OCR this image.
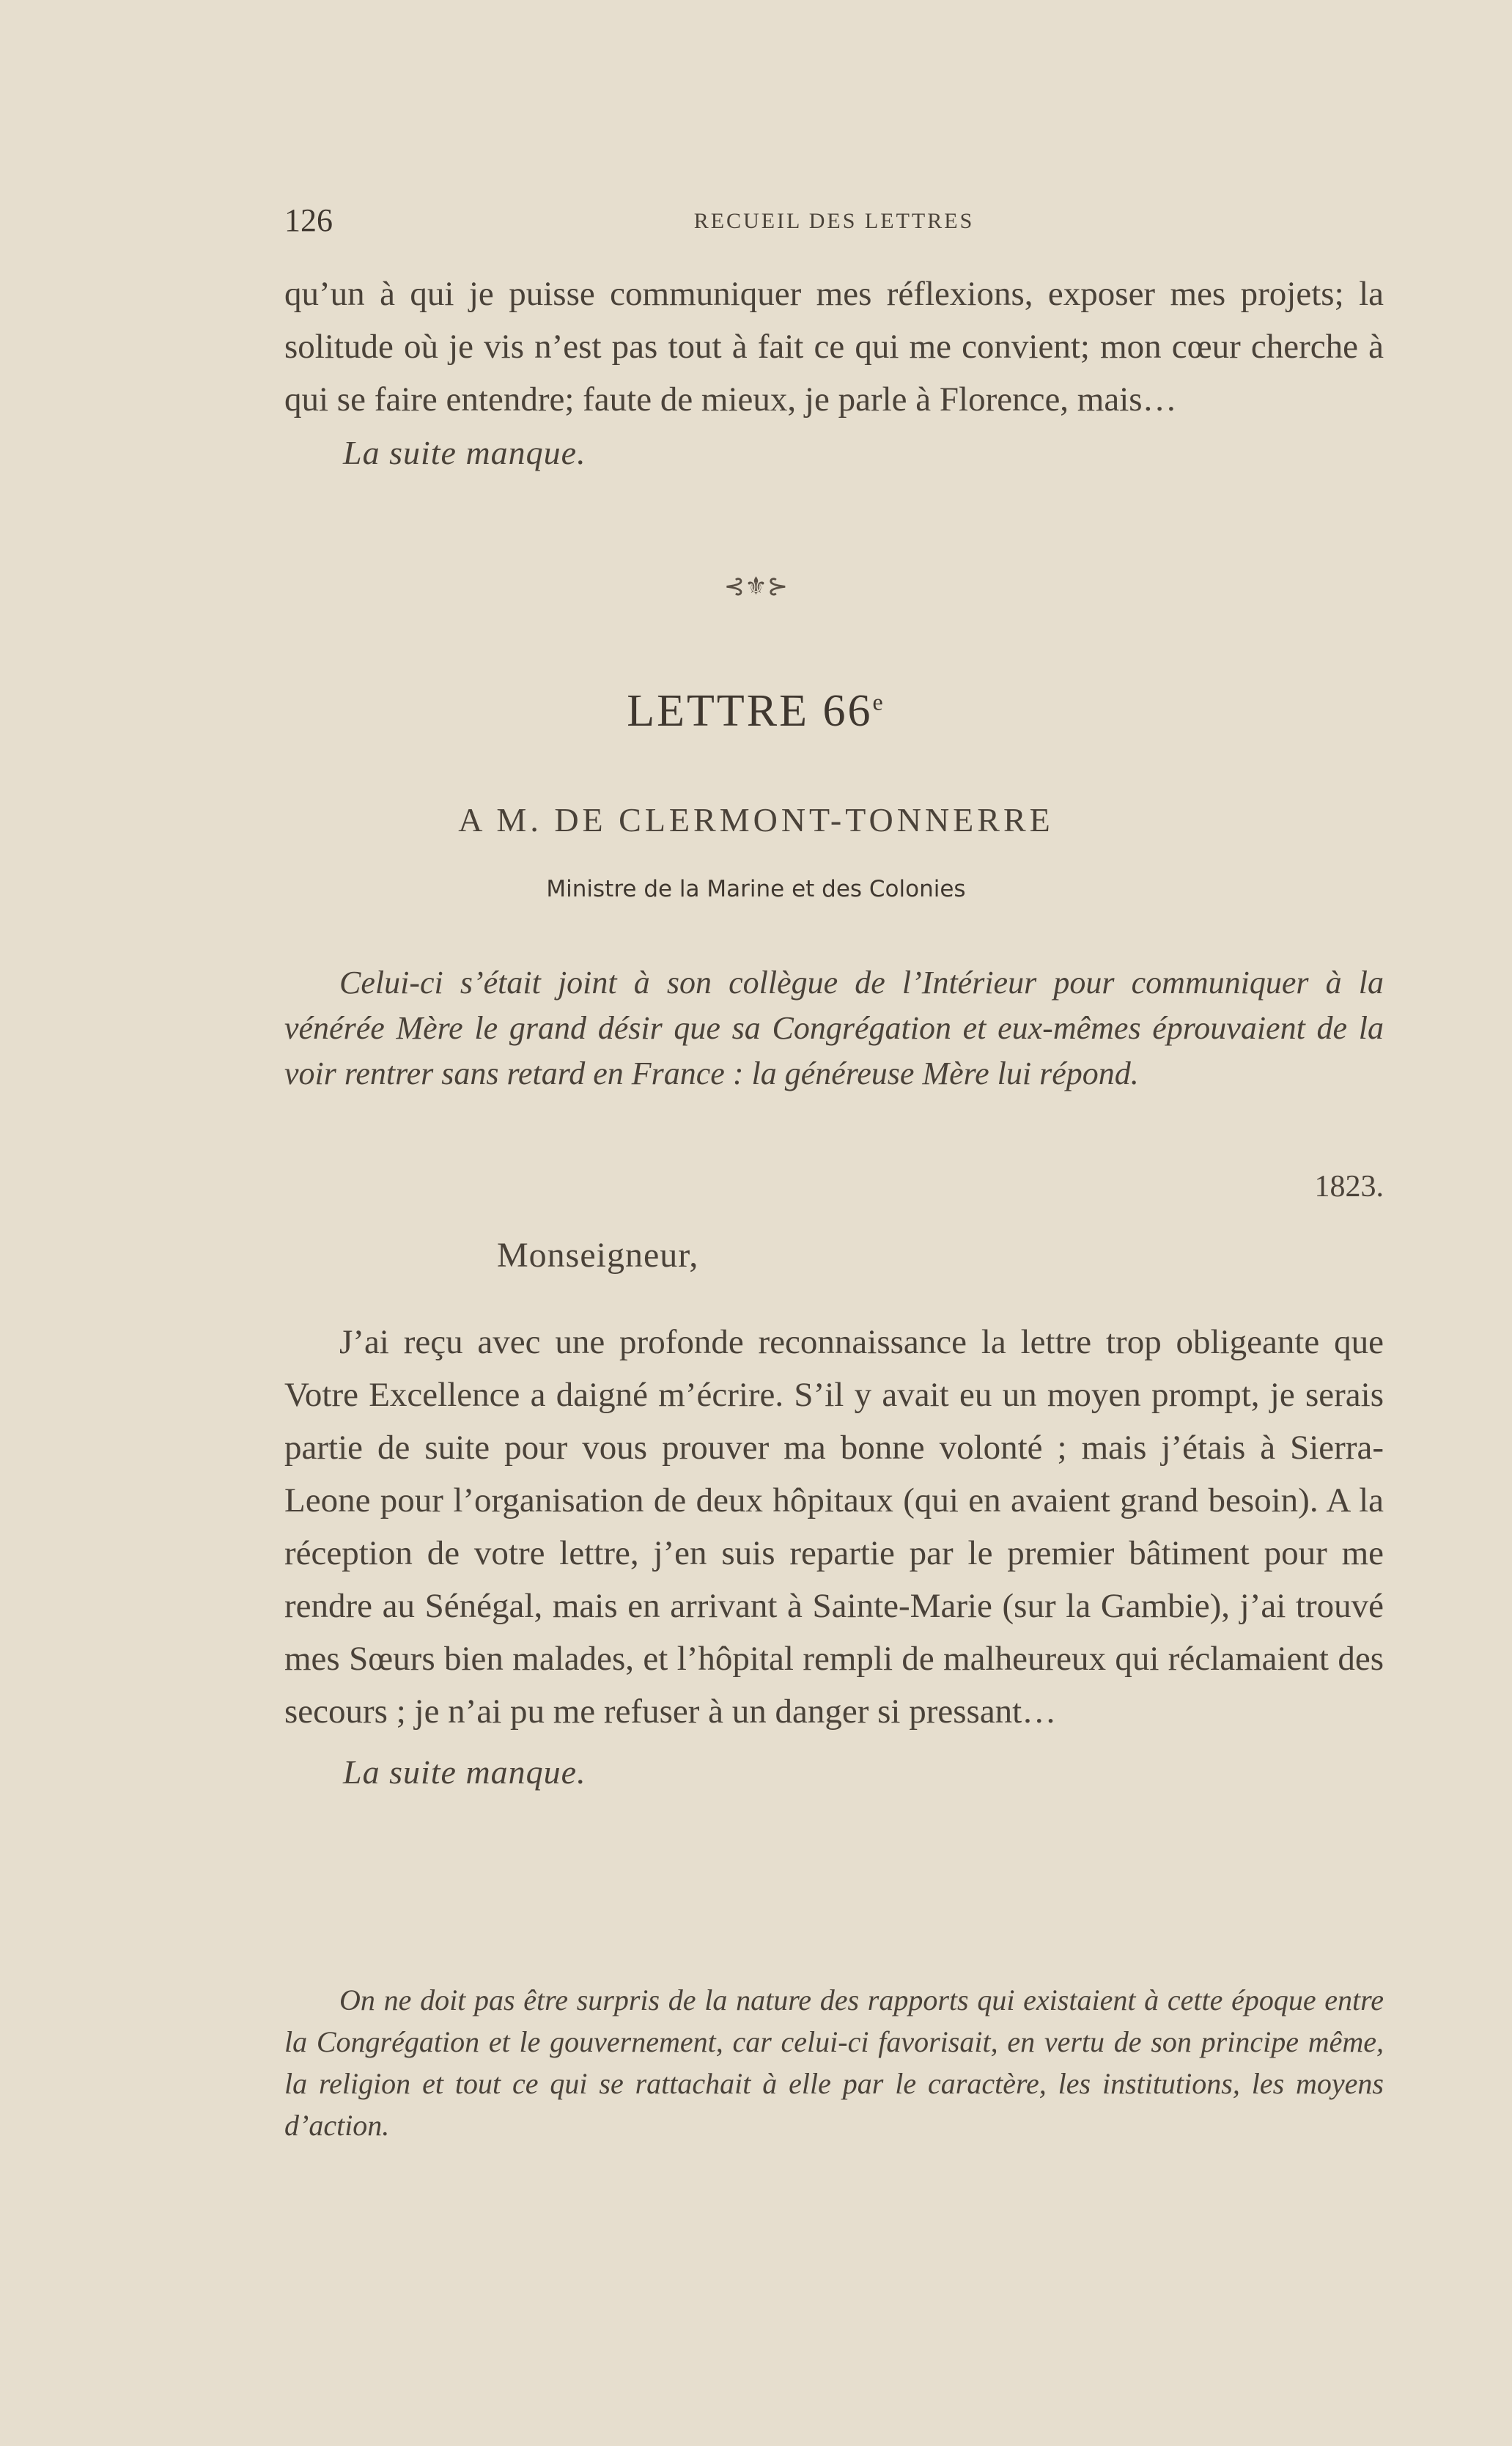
126	RECUEIL DES LETTRES

qu’un à qui je puisse communiquer mes réflexions, exposer mes projets; la solitude où je vis n’est pas tout à fait ce qui me convient; mon cœur cherche à qui se faire entendre; faute de mieux, je parle à Florence, mais…

La suite manque.

⊰⚜⊱
LETTRE 66e
A M. DE CLERMONT-TONNERRE
Ministre de la Marine et des Colonies

Celui-ci s’était joint à son collègue de l’Intérieur pour communiquer à la vénérée Mère le grand désir que sa Congrégation et eux-mêmes éprouvaient de la voir rentrer sans retard en France : la généreuse Mère lui répond.

1823.
Monseigneur,

J’ai reçu avec une profonde reconnaissance la lettre trop obligeante que Votre Excellence a daigné m’écrire. S’il y avait eu un moyen prompt, je serais partie de suite pour vous prouver ma bonne volonté ; mais j’étais à Sierra-Leone pour l’organisation de deux hôpitaux (qui en avaient grand besoin). A la réception de votre lettre, j’en suis repartie par le premier bâtiment pour me rendre au Sénégal, mais en arrivant à Sainte-Marie (sur la Gambie), j’ai trouvé mes Sœurs bien malades, et l’hôpital rempli de malheureux qui réclamaient des secours ; je n’ai pu me refuser à un danger si pressant…

La suite manque.

On ne doit pas être surpris de la nature des rapports qui existaient à cette époque entre la Congrégation et le gouvernement, car celui-ci favorisait, en vertu de son principe même, la religion et tout ce qui se rattachait à elle par le caractère, les institutions, les moyens d’action.
